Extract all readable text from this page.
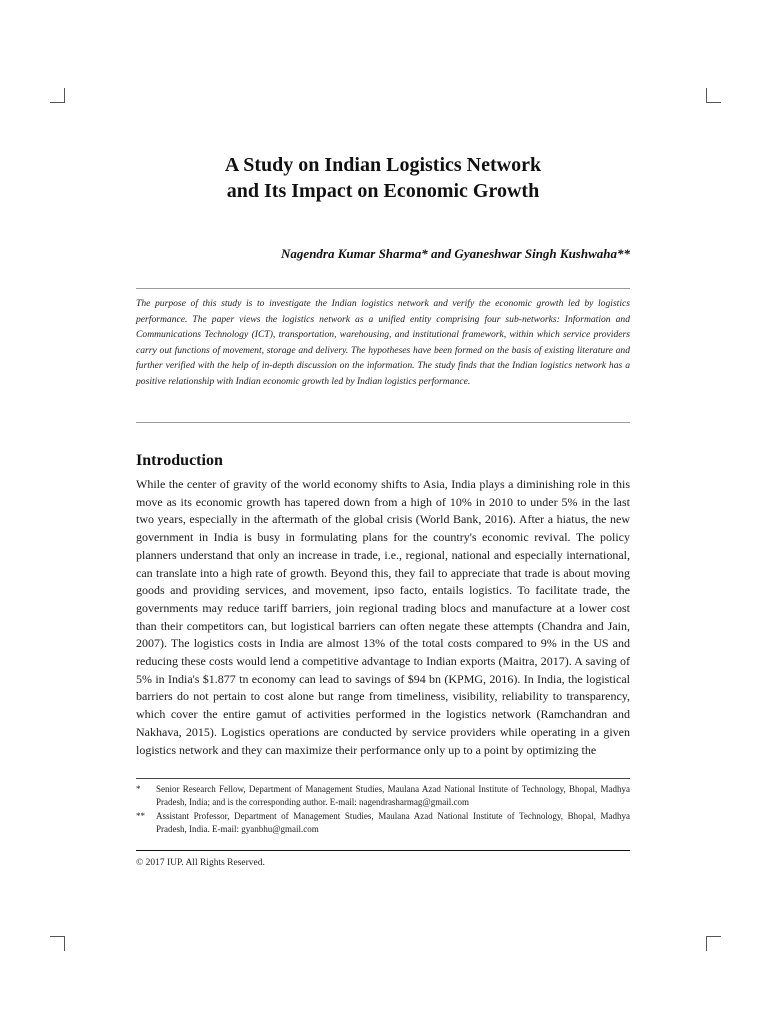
A Study on Indian Logistics Network
and Its Impact on Economic Growth
Nagendra Kumar Sharma* and Gyaneshwar Singh Kushwaha**

The purpose of this study is to investigate the Indian logistics network and verify the economic growth led by logistics performance. The paper views the logistics network as a unified entity comprising four sub-networks: Information and Communications Technology (ICT), transportation, warehousing, and institutional framework, within which service providers carry out functions of movement, storage and delivery. The hypotheses have been formed on the basis of existing literature and further verified with the help of in-depth discussion on the information. The study finds that the Indian logistics network has a positive relationship with Indian economic growth led by Indian logistics performance.

Introduction

While the center of gravity of the world economy shifts to Asia, India plays a diminishing role in this move as its economic growth has tapered down from a high of 10% in 2010 to under 5% in the last two years, especially in the aftermath of the global crisis (World Bank, 2016). After a hiatus, the new government in India is busy in formulating plans for the country's economic revival. The policy planners understand that only an increase in trade, i.e., regional, national and especially international, can translate into a high rate of growth. Beyond this, they fail to appreciate that trade is about moving goods and providing services, and movement, ipso facto, entails logistics. To facilitate trade, the governments may reduce tariff barriers, join regional trading blocs and manufacture at a lower cost than their competitors can, but logistical barriers can often negate these attempts (Chandra and Jain, 2007). The logistics costs in India are almost 13% of the total costs compared to 9% in the US and reducing these costs would lend a competitive advantage to Indian exports (Maitra, 2017). A saving of 5% in India's $1.877 tn economy can lead to savings of $94 bn (KPMG, 2016). In India, the logistical barriers do not pertain to cost alone but range from timeliness, visibility, reliability to transparency, which cover the entire gamut of activities performed in the logistics network (Ramchandran and Nakhava, 2015). Logistics operations are conducted by service providers while operating in a given logistics network and they can maximize their performance only up to a point by optimizing the

*	Senior Research Fellow, Department of Management Studies, Maulana Azad National Institute of Technology, Bhopal, Madhya Pradesh, India; and is the corresponding author. E-mail: nagendrasharmag@gmail.com
**	Assistant Professor, Department of Management Studies, Maulana Azad National Institute of Technology, Bhopal, Madhya Pradesh, India. E-mail: gyanbhu@gmail.com
© 2017 IUP. All Rights Reserved.
